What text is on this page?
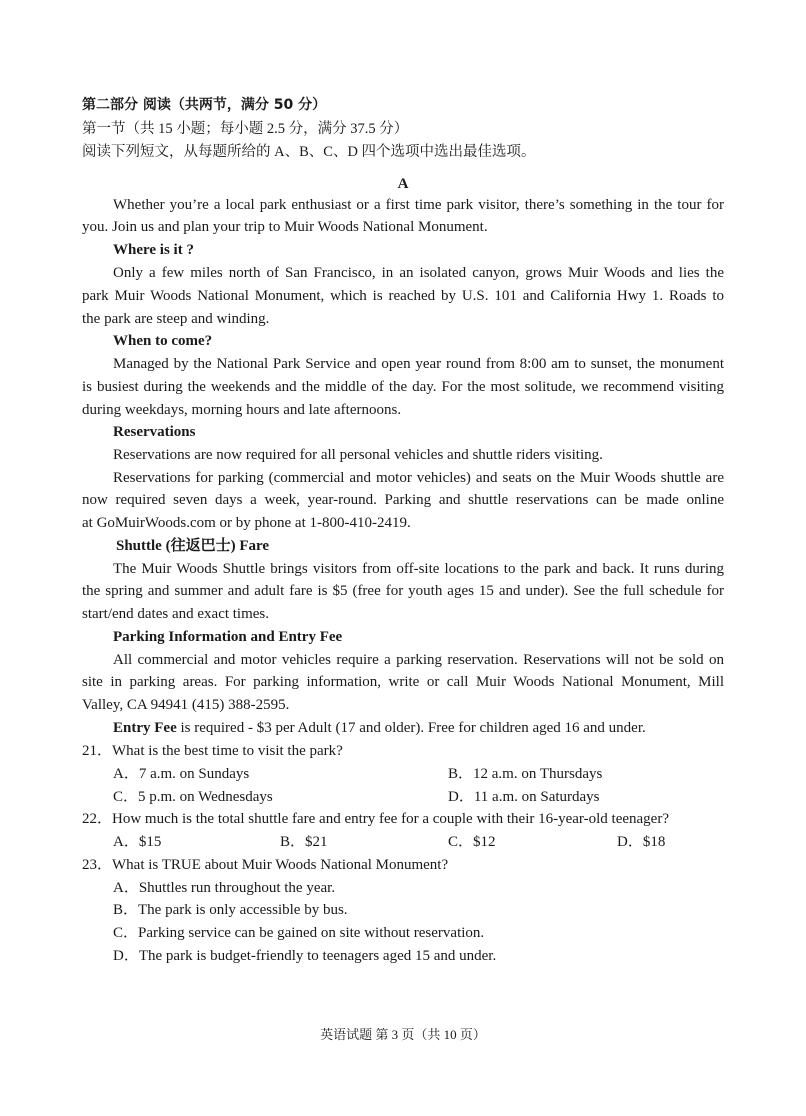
第二部分 阅读（共两节，满分 50 分）
第一节（共 15 小题；每小题 2.5 分，满分 37.5 分）
阅读下列短文，从每题所给的 A、B、C、D 四个选项中选出最佳选项。
A
Whether you’re a local park enthusiast or a first time park visitor, there’s something in the tour for
you. Join us and plan your trip to Muir Woods National Monument.
Where is it ?
Only a few miles north of San Francisco, in an isolated canyon, grows Muir Woods and lies the
park Muir Woods National Monument, which is reached by U.S. 101 and California Hwy 1. Roads to
the park are steep and winding.
When to come?
Managed by the National Park Service and open year round from 8:00 am to sunset, the monument
is busiest during the weekends and the middle of the day. For the most solitude, we recommend visiting
during weekdays, morning hours and late afternoons.
Reservations
Reservations are now required for all personal vehicles and shuttle riders visiting.
Reservations for parking (commercial and motor vehicles) and seats on the Muir Woods shuttle are
now required seven days a week, year-round. Parking and shuttle reservations can be made online
at GoMuirWoods.com or by phone at 1-800-410-2419.
Shuttle (往返巴士) Fare
The Muir Woods Shuttle brings visitors from off-site locations to the park and back. It runs during
the spring and summer and adult fare is $5 (free for youth ages 15 and under). See the full schedule for
start/end dates and exact times.
Parking Information and Entry Fee
All commercial and motor vehicles require a parking reservation. Reservations will not be sold on
site in parking areas. For parking information, write or call Muir Woods National Monument, Mill
Valley, CA 94941 (415) 388-2595.
Entry Fee is required - $3 per Adult (17 and older). Free for children aged 16 and under.
21．What is the best time to visit the park?
A．7 a.m. on Sundays	B．12 a.m. on Thursdays
C．5 p.m. on Wednesdays	D．11 a.m. on Saturdays
22．How much is the total shuttle fare and entry fee for a couple with their 16-year-old teenager?
A．$15	B．$21	C．$12	D．$18
23．What is TRUE about Muir Woods National Monument?
A．Shuttles run throughout the year.
B．The park is only accessible by bus.
C．Parking service can be gained on site without reservation.
D．The park is budget-friendly to teenagers aged 15 and under.
英语试题 第 3 页（共 10 页）
